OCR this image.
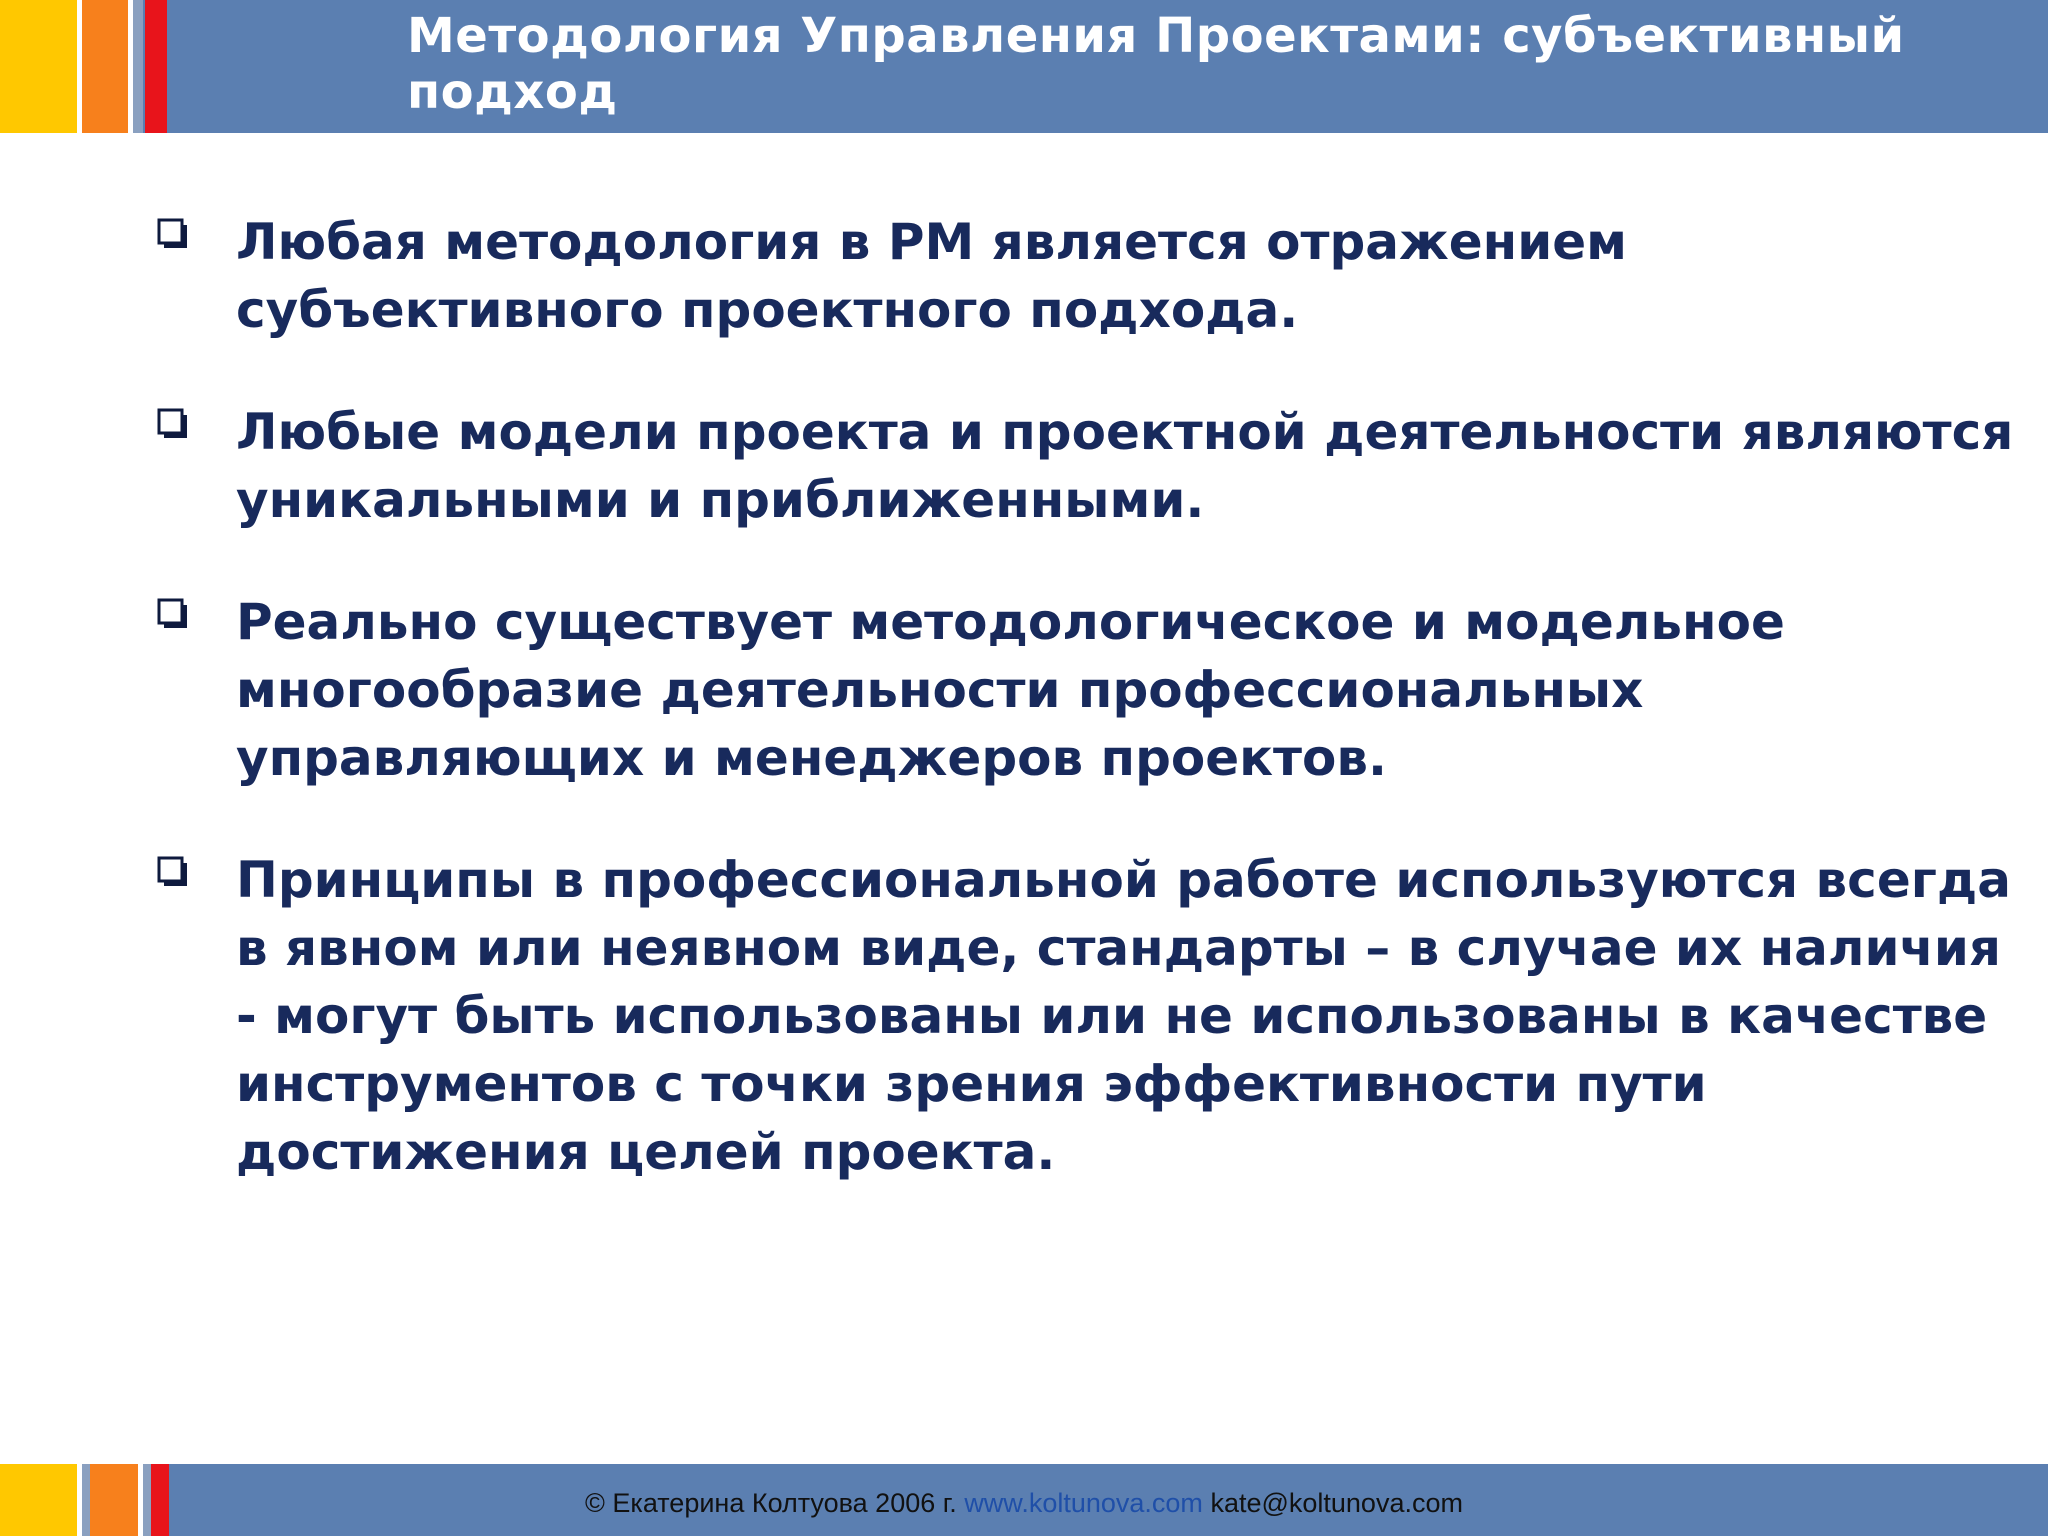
Методология Управления Проектами: субъективный подход

Любая методология в РМ является отражением субъективного проектного подхода.

Любые модели проекта и проектной деятельности являются уникальными и приближенными.

Реально существует методологическое и модельное многообразие деятельности профессиональных управляющих и менеджеров проектов.

Принципы в профессиональной работе используются всегда в явном или неявном виде, стандарты – в случае их наличия - могут быть использованы или не использованы в качестве инструментов с точки зрения эффективности пути достижения целей проекта.

© Екатерина Колтуова 2006 г. www.koltunova.com kate@koltunova.com
